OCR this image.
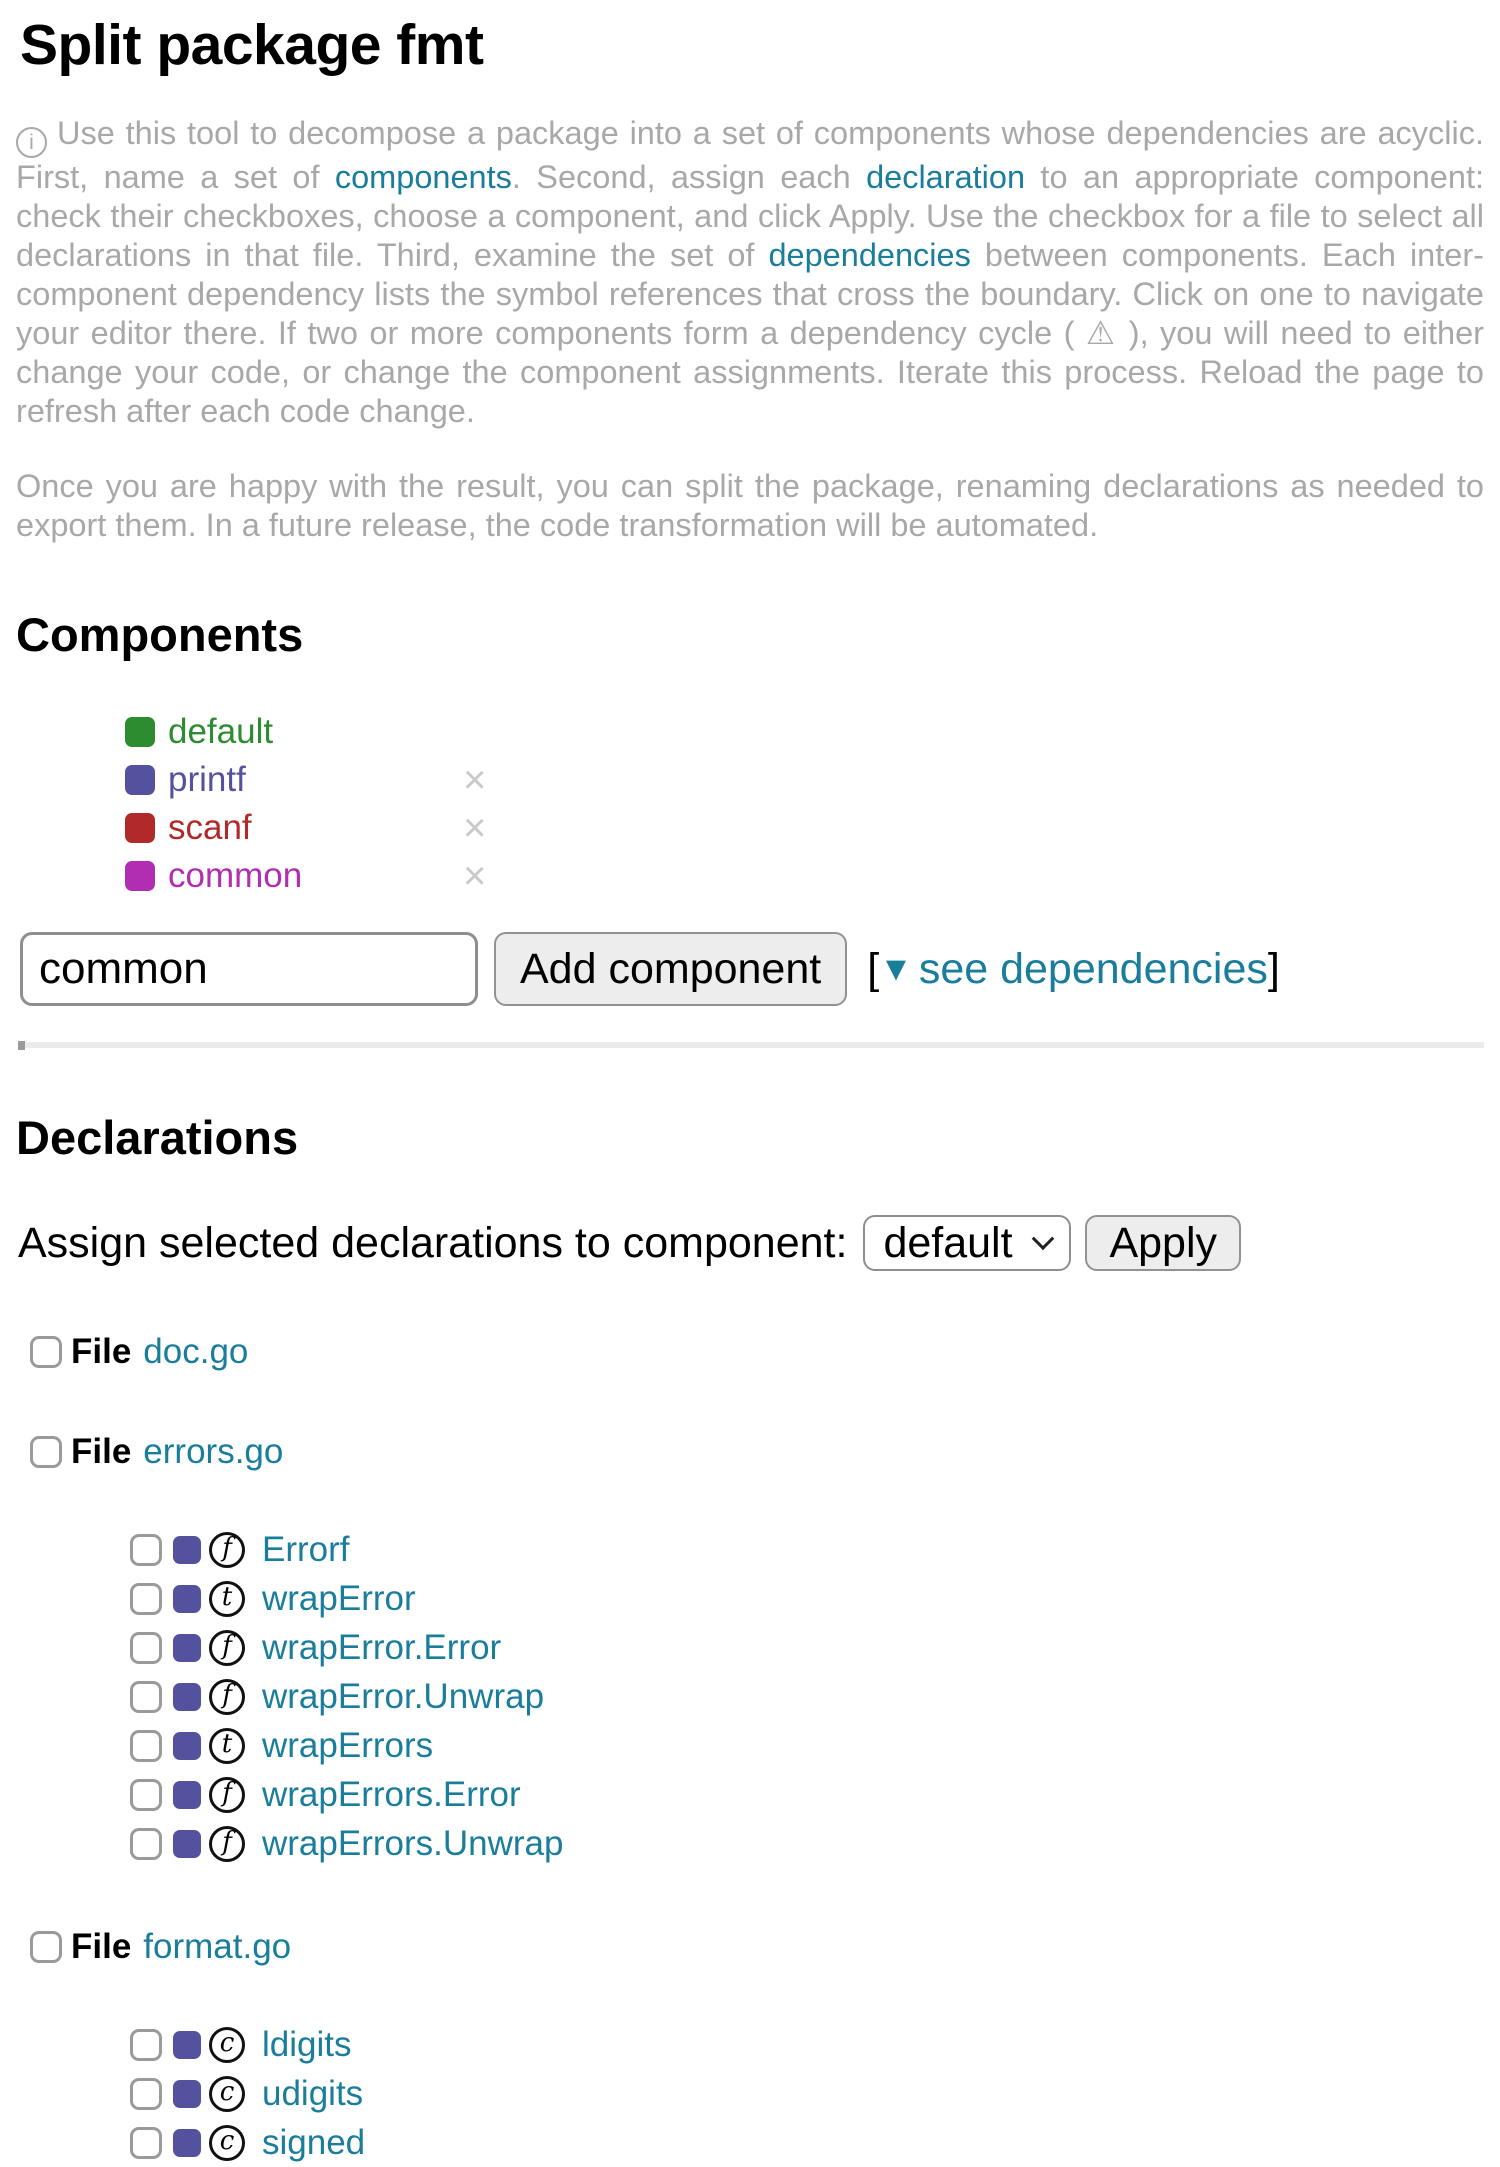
Split package fmt

i Use this tool to decompose a package into a set of components whose dependencies are acyclic. First, name a set of components. Second, assign each declaration to an appropriate component: check their checkboxes, choose a component, and click Apply. Use the checkbox for a file to select all declarations in that file. Third, examine the set of dependencies between components. Each inter-component dependency lists the symbol references that cross the boundary. Click on one to navigate your editor there. If two or more components form a dependency cycle ( ⚠ ), you will need to either change your code, or change the component assignments. Iterate this process. Reload the page to refresh after each code change.

Once you are happy with the result, you can split the package, renaming declarations as needed to export them. In a future release, the code transformation will be automated.

Components
default
printf	×
scanf	×
common	×
common
Add component	[▼ see dependencies]
Declarations
Assign selected declarations to component: default	Apply
File doc.go
File errors.go
f Errorf
t wrapError
f wrapError.Error
f wrapError.Unwrap
t wrapErrors
f wrapErrors.Error
f wrapErrors.Unwrap
File format.go
c ldigits
c udigits
c signed
